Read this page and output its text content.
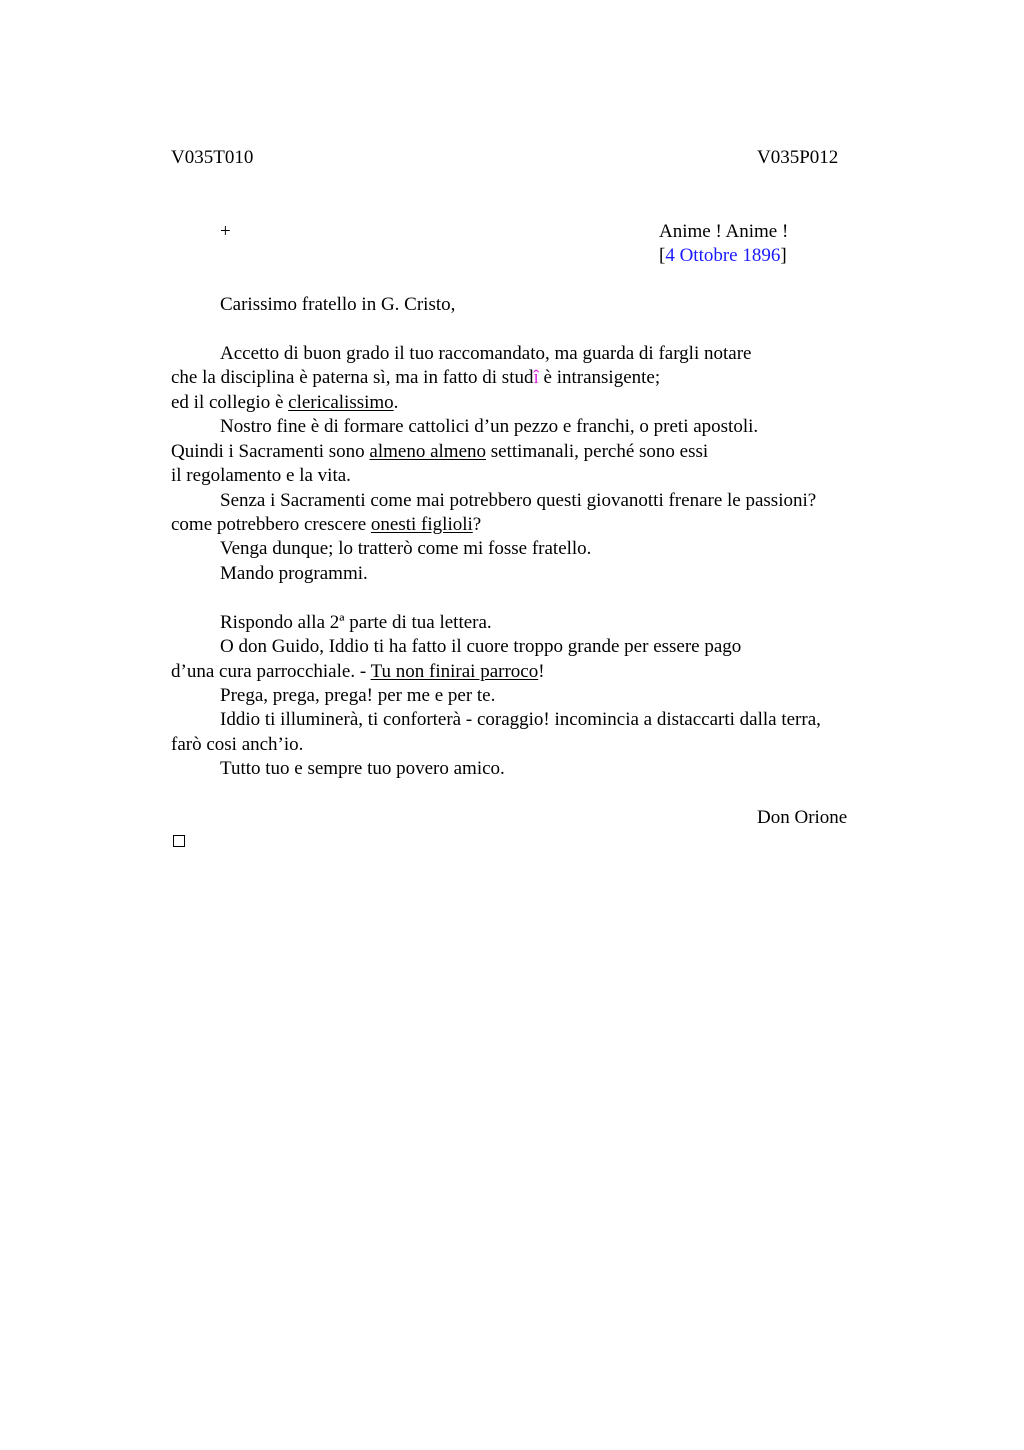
V035T010	V035P012
+	Anime ! Anime !
[4 Ottobre 1896]
Carissimo fratello in G. Cristo,
Accetto di buon grado il tuo raccomandato, ma guarda di fargli notare
che la disciplina è paterna sì, ma in fatto di studî è intransigente;
ed il collegio è clericalissimo.
Nostro fine è di formare cattolici d’un pezzo e franchi, o preti apostoli.
Quindi i Sacramenti sono almeno almeno settimanali, perché sono essi
il regolamento e la vita.
Senza i Sacramenti come mai potrebbero questi giovanotti frenare le passioni?
come potrebbero crescere onesti figlioli?
Venga dunque; lo tratterò come mi fosse fratello.
Mando programmi.
Rispondo alla 2ª parte di tua lettera.
O don Guido, Iddio ti ha fatto il cuore troppo grande per essere pago
d’una cura parrocchiale. - Tu non finirai parroco!
Prega, prega, prega! per me e per te.
Iddio ti illuminerà, ti conforterà - coraggio! incomincia a distaccarti dalla terra,
farò cosi anch’io.
Tutto tuo e sempre tuo povero amico.
Don Orione
